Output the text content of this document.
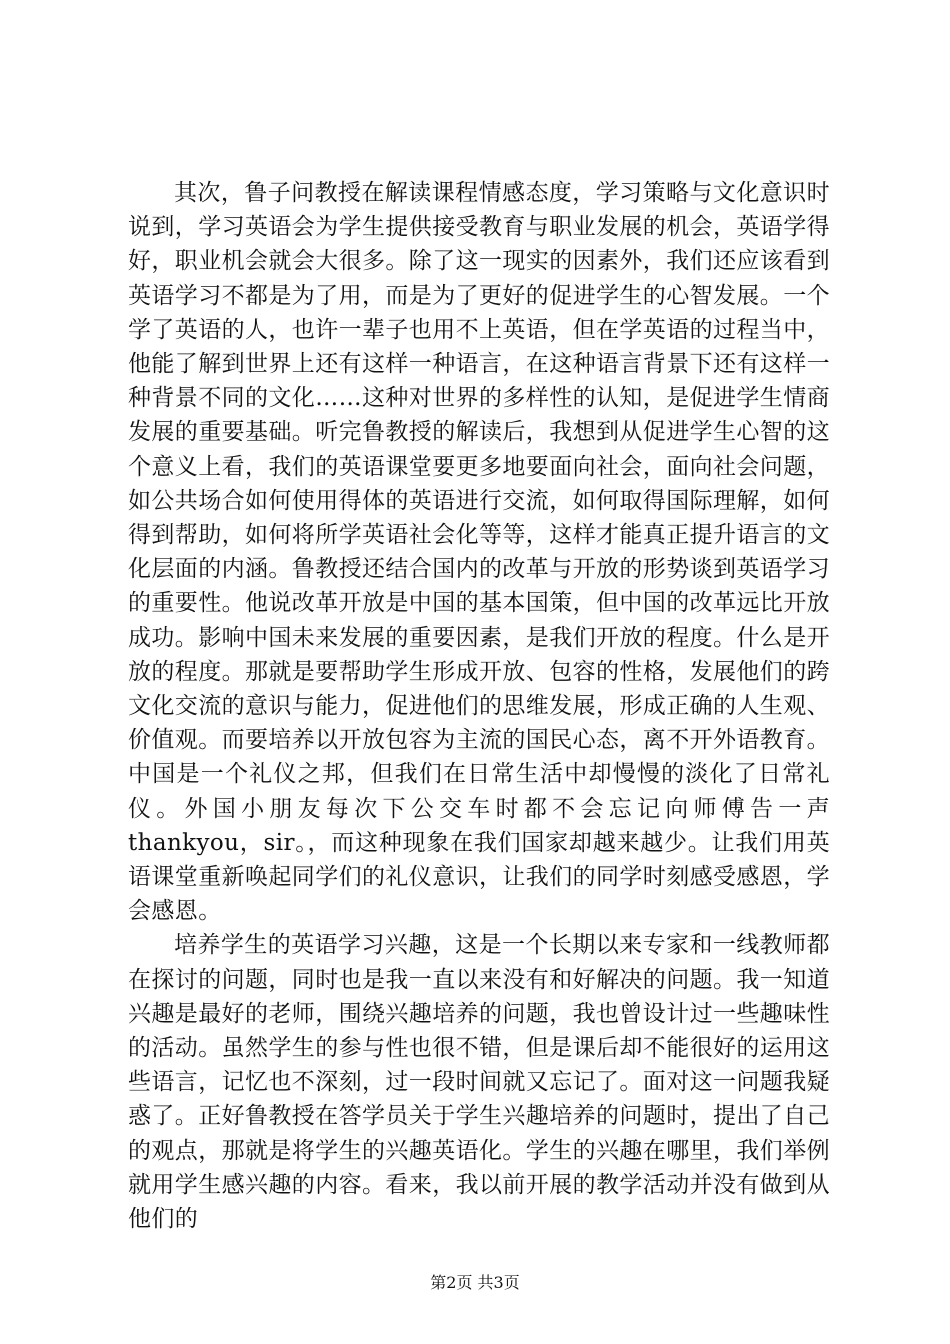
其次，鲁子问教授在解读课程情感态度，学习策略与文化意识时说到，学习英语会为学生提供接受教育与职业发展的机会，英语学得好，职业机会就会大很多。除了这一现实的因素外，我们还应该看到英语学习不都是为了用，而是为了更好的促进学生的心智发展。一个学了英语的人，也许一辈子也用不上英语，但在学英语的过程当中，他能了解到世界上还有这样一种语言，在这种语言背景下还有这样一种背景不同的文化……这种对世界的多样性的认知，是促进学生情商发展的重要基础。听完鲁教授的解读后，我想到从促进学生心智的这个意义上看，我们的英语课堂要更多地要面向社会，面向社会问题，如公共场合如何使用得体的英语进行交流，如何取得国际理解，如何得到帮助，如何将所学英语社会化等等，这样才能真正提升语言的文化层面的内涵。鲁教授还结合国内的改革与开放的形势谈到英语学习的重要性。他说改革开放是中国的基本国策，但中国的改革远比开放成功。影响中国未来发展的重要因素，是我们开放的程度。什么是开放的程度。那就是要帮助学生形成开放、包容的性格，发展他们的跨文化交流的意识与能力，促进他们的思维发展，形成正确的人生观、价值观。而要培养以开放包容为主流的国民心态，离不开外语教育。中国是一个礼仪之邦，但我们在日常生活中却慢慢的淡化了日常礼仪。外国小朋友每次下公交车时都不会忘记向师傅告一声thankyou，sir。，而这种现象在我们国家却越来越少。让我们用英语课堂重新唤起同学们的礼仪意识，让我们的同学时刻感受感恩，学会感恩。

培养学生的英语学习兴趣，这是一个长期以来专家和一线教师都在探讨的问题，同时也是我一直以来没有和好解决的问题。我一知道兴趣是最好的老师，围绕兴趣培养的问题，我也曾设计过一些趣味性的活动。虽然学生的参与性也很不错，但是课后却不能很好的运用这些语言，记忆也不深刻，过一段时间就又忘记了。面对这一问题我疑惑了。正好鲁教授在答学员关于学生兴趣培养的问题时，提出了自己的观点，那就是将学生的兴趣英语化。学生的兴趣在哪里，我们举例就用学生感兴趣的内容。看来，我以前开展的教学活动并没有做到从他们的

第2页 共3页
